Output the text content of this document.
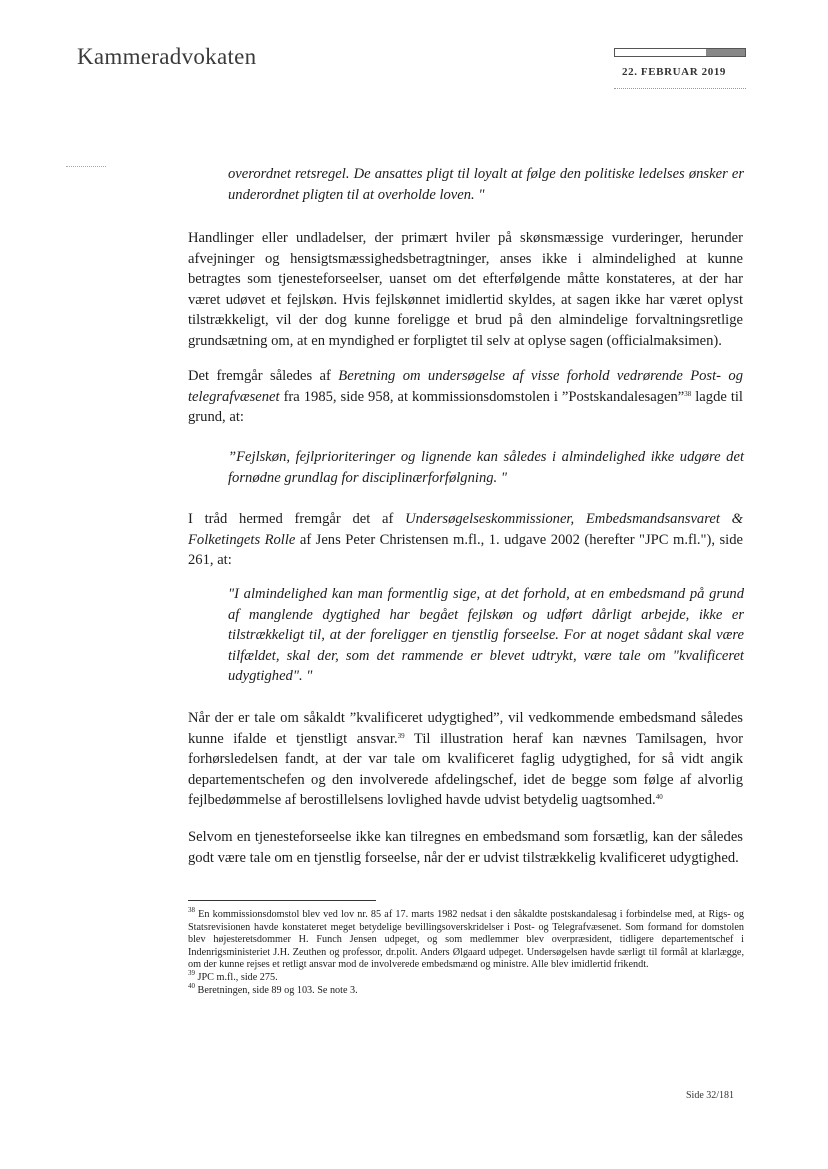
Kammeradvokaten
22. FEBRUAR 2019

overordnet retsregel. De ansattes pligt til loyalt at følge den politiske ledelses ønsker er underordnet pligten til at overholde loven. "

Handlinger eller undladelser, der primært hviler på skønsmæssige vurderinger, herunder afvejninger og hensigtsmæssighedsbetragtninger, anses ikke i almindelighed at kunne betragtes som tjenesteforseelser, uanset om det efterfølgende måtte konstateres, at der har været udøvet et fejlskøn. Hvis fejlskønnet imidlertid skyldes, at sagen ikke har været oplyst tilstrækkeligt, vil der dog kunne foreligge et brud på den almindelige forvaltningsretlige grundsætning om, at en myndighed er forpligtet til selv at oplyse sagen (officialmaksimen).

Det fremgår således af Beretning om undersøgelse af visse forhold vedrørende Post- og telegrafvæsenet fra 1985, side 958, at kommissionsdomstolen i ”Postskandalesagen”$^{38}$ lagde til grund, at:

”Fejlskøn, fejlprioriteringer og lignende kan således i almindelighed ikke udgøre det fornødne grundlag for disciplinærforfølgning. "

I tråd hermed fremgår det af Undersøgelseskommissioner, Embedsmandsansvaret & Folketingets Rolle af Jens Peter Christensen m.fl., 1. udgave 2002 (herefter "JPC m.fl."), side 261, at:

"I almindelighed kan man formentlig sige, at det forhold, at en embedsmand på grund af manglende dygtighed har begået fejlskøn og udført dårligt arbejde, ikke er tilstrækkeligt til, at der foreligger en tjenstlig forseelse. For at noget sådant skal være tilfældet, skal der, som det rammende er blevet udtrykt, være tale om "kvalificeret udygtighed". "

Når der er tale om såkaldt ”kvalificeret udygtighed”, vil vedkommende embedsmand således kunne ifalde et tjenstligt ansvar.$^{39}$ Til illustration heraf kan nævnes Tamilsagen, hvor forhørsledelsen fandt, at der var tale om kvalificeret faglig udygtighed, for så vidt angik departementschefen og den involverede afdelingschef, idet de begge som følge af alvorlig fejlbedømmelse af berostillelsens lovlighed havde udvist betydelig uagtsomhed.$^{40}$

Selvom en tjenesteforseelse ikke kan tilregnes en embedsmand som forsætlig, kan der således godt være tale om en tjenstlig forseelse, når der er udvist tilstrækkelig kvalificeret udygtighed.

$^{38}$ En kommissionsdomstol blev ved lov nr. 85 af 17. marts 1982 nedsat i den såkaldte postskandalesag i forbindelse med, at Rigs- og Statsrevisionen havde konstateret meget betydelige bevillingsoverskridelser i Post- og Telegrafvæsenet. Som formand for domstolen blev højesteretsdommer H. Funch Jensen udpeget, og som medlemmer blev overpræsident, tidligere departementschef i Indenrigsministeriet J.H. Zeuthen og professor, dr.polit. Anders Ølgaard udpeget. Undersøgelsen havde særligt til formål at klarlægge, om der kunne rejses et retligt ansvar mod de involverede embedsmænd og ministre. Alle blev imidlertid frikendt.

$^{39}$ JPC m.fl., side 275.

$^{40}$ Beretningen, side 89 og 103. Se note 3.

Side 32/181
